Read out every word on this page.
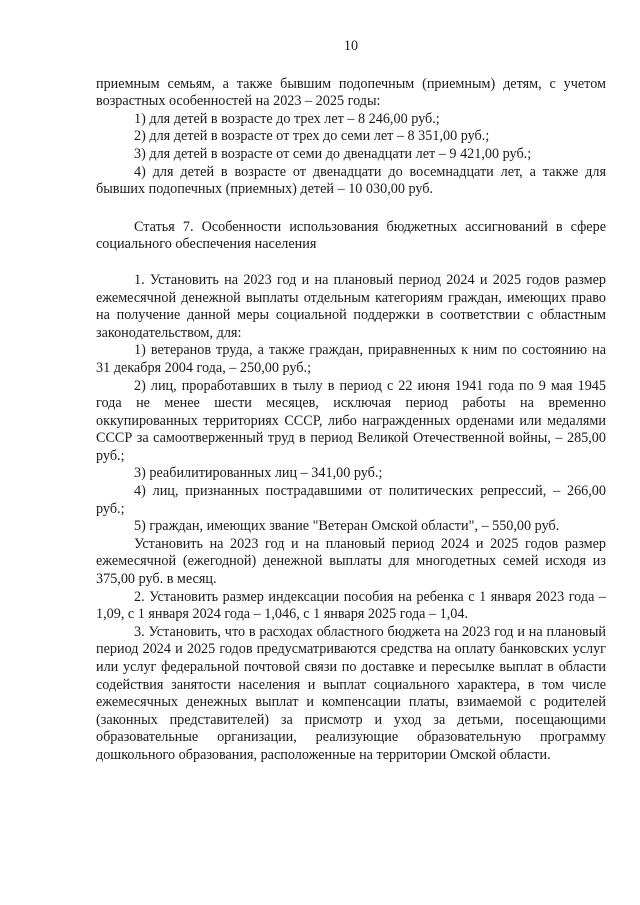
10

приемным семьям, а также бывшим подопечным (приемным) детям, с учетом возрастных особенностей на 2023 – 2025 годы:

1) для детей в возрасте до трех лет – 8 246,00 руб.;

2) для детей в возрасте от трех до семи лет – 8 351,00 руб.;

3) для детей в возрасте от семи до двенадцати лет – 9 421,00 руб.;

4) для детей в возрасте от двенадцати до восемнадцати лет, а также для бывших подопечных (приемных) детей – 10 030,00 руб.

Статья 7. Особенности использования бюджетных ассигнований в сфере социального обеспечения населения

1. Установить на 2023 год и на плановый период 2024 и 2025 годов размер ежемесячной денежной выплаты отдельным категориям граждан, имеющих право на получение данной меры социальной поддержки в соответствии с областным законодательством, для:

1) ветеранов труда, а также граждан, приравненных к ним по состоянию на 31 декабря 2004 года, – 250,00 руб.;

2) лиц, проработавших в тылу в период с 22 июня 1941 года по 9 мая 1945 года не менее шести месяцев, исключая период работы на временно оккупированных территориях СССР, либо награжденных орденами или медалями СССР за самоотверженный труд в период Великой Отечественной войны, – 285,00 руб.;

3) реабилитированных лиц – 341,00 руб.;

4) лиц, признанных пострадавшими от политических репрессий, – 266,00 руб.;

5) граждан, имеющих звание "Ветеран Омской области", – 550,00 руб.

Установить на 2023 год и на плановый период 2024 и 2025 годов размер ежемесячной (ежегодной) денежной выплаты для многодетных семей исходя из 375,00 руб. в месяц.

2. Установить размер индексации пособия на ребенка с 1 января 2023 года – 1,09, с 1 января 2024 года – 1,046, с 1 января 2025 года – 1,04.

3. Установить, что в расходах областного бюджета на 2023 год и на плановый период 2024 и 2025 годов предусматриваются средства на оплату банковских услуг или услуг федеральной почтовой связи по доставке и пересылке выплат в области содействия занятости населения и выплат социального характера, в том числе ежемесячных денежных выплат и компенсации платы, взимаемой с родителей (законных представителей) за присмотр и уход за детьми, посещающими образовательные организации, реализующие образовательную программу дошкольного образования, расположенные на территории Омской области.
